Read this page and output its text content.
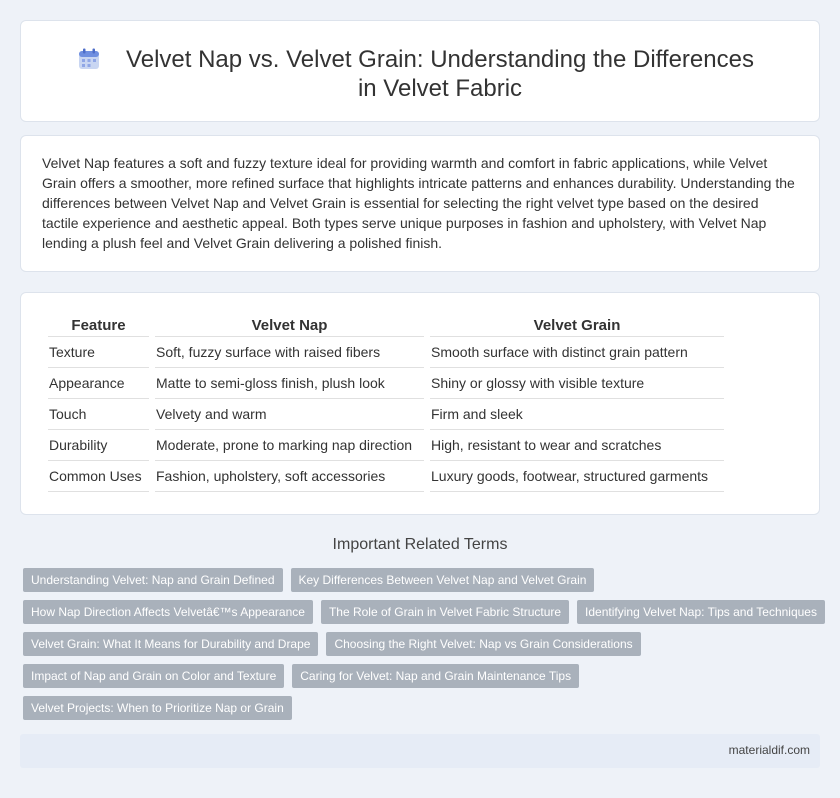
Velvet Nap vs. Velvet Grain: Understanding the Differences in Velvet Fabric

Velvet Nap features a soft and fuzzy texture ideal for providing warmth and comfort in fabric applications, while Velvet Grain offers a smoother, more refined surface that highlights intricate patterns and enhances durability. Understanding the differences between Velvet Nap and Velvet Grain is essential for selecting the right velvet type based on the desired tactile experience and aesthetic appeal. Both types serve unique purposes in fashion and upholstery, with Velvet Nap lending a plush feel and Velvet Grain delivering a polished finish.

Feature	Velvet Nap	Velvet Grain
Texture	Soft, fuzzy surface with raised fibers	Smooth surface with distinct grain pattern
Appearance	Matte to semi-gloss finish, plush look	Shiny or glossy with visible texture
Touch	Velvety and warm	Firm and sleek
Durability	Moderate, prone to marking nap direction	High, resistant to wear and scratches
Common Uses	Fashion, upholstery, soft accessories	Luxury goods, footwear, structured garments
Important Related Terms
Understanding Velvet: Nap and Grain Defined	Key Differences Between Velvet Nap and Velvet Grain
How Nap Direction Affects Velvetâ€™s Appearance	The Role of Grain in Velvet Fabric Structure	Identifying Velvet Nap: Tips and Techniques
Velvet Grain: What It Means for Durability and Drape	Choosing the Right Velvet: Nap vs Grain Considerations
Impact of Nap and Grain on Color and Texture	Caring for Velvet: Nap and Grain Maintenance Tips
Velvet Projects: When to Prioritize Nap or Grain
materialdif.com
